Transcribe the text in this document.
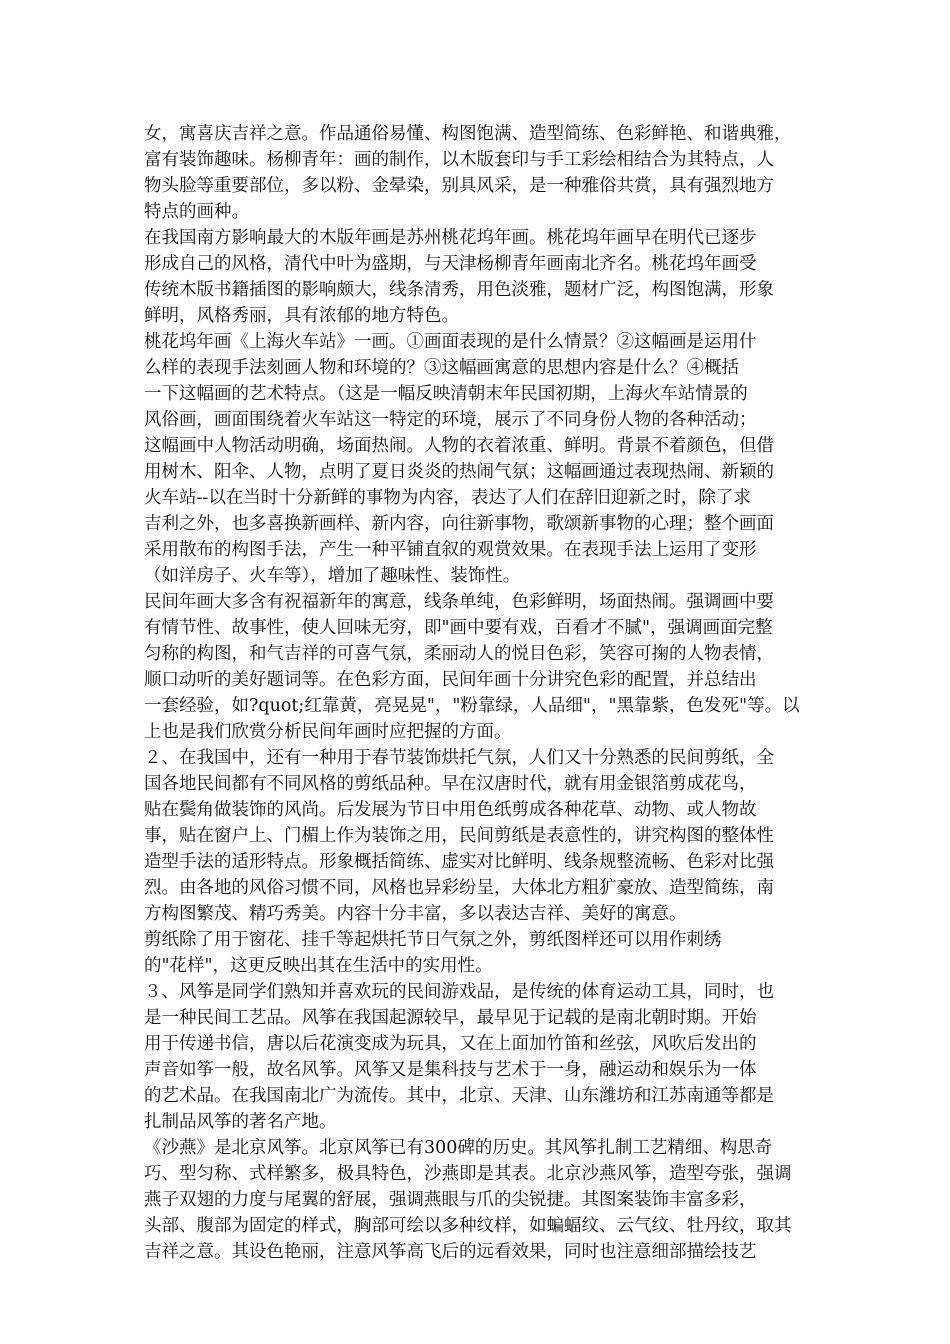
女，寓喜庆吉祥之意。作品通俗易懂、构图饱满、造型简练、色彩鲜艳、和谐典雅，
富有装饰趣味。杨柳青年：画的制作，以木版套印与手工彩绘相结合为其特点，人
物头脸等重要部位，多以粉、金晕染，别具风采，是一种雅俗共赏，具有强烈地方
特点的画种。

在我国南方影响最大的木版年画是苏州桃花坞年画。桃花坞年画早在明代已逐步
形成自己的风格，清代中叶为盛期，与天津杨柳青年画南北齐名。桃花坞年画受
传统木版书籍插图的影响颇大，线条清秀，用色淡雅，题材广泛，构图饱满，形象
鲜明，风格秀丽，具有浓郁的地方特色。

桃花坞年画《上海火车站》一画。①画面表现的是什么情景？②这幅画是运用什
么样的表现手法刻画人物和环境的？③这幅画寓意的思想内容是什么？④概括
一下这幅画的艺术特点。（这是一幅反映清朝末年民国初期，上海火车站情景的
风俗画，画面围绕着火车站这一特定的环境，展示了不同身份人物的各种活动；
这幅画中人物活动明确，场面热闹。人物的衣着浓重、鲜明。背景不着颜色，但借
用树木、阳伞、人物，点明了夏日炎炎的热闹气氛；这幅画通过表现热闹、新颖的
火车站--以在当时十分新鲜的事物为内容，表达了人们在辞旧迎新之时，除了求
吉利之外，也多喜换新画样、新内容，向往新事物，歌颂新事物的心理；整个画面
采用散布的构图手法，产生一种平铺直叙的观赏效果。在表现手法上运用了变形
（如洋房子、火车等），增加了趣味性、装饰性。

民间年画大多含有祝福新年的寓意，线条单纯，色彩鲜明，场面热闹。强调画中要
有情节性、故事性，使人回味无穷，即"画中要有戏，百看才不腻"，强调画面完整
匀称的构图，和气吉祥的可喜气氛，柔丽动人的悦目色彩，笑容可掬的人物表情，
顺口动听的美好题词等。在色彩方面，民间年画十分讲究色彩的配置，并总结出
一套经验，如?quot;红靠黄，亮晃晃"，"粉靠绿，人品细"，"黑靠紫，色发死"等。以
上也是我们欣赏分析民间年画时应把握的方面。

２、在我国中，还有一种用于春节装饰烘托气氛，人们又十分熟悉的民间剪纸，全
国各地民间都有不同风格的剪纸品种。早在汉唐时代，就有用金银箔剪成花鸟，
贴在鬓角做装饰的风尚。后发展为节日中用色纸剪成各种花草、动物、或人物故
事，贴在窗户上、门楣上作为装饰之用，民间剪纸是表意性的，讲究构图的整体性
造型手法的适形特点。形象概括简练、虚实对比鲜明、线条规整流畅、色彩对比强
烈。由各地的风俗习惯不同，风格也异彩纷呈，大体北方粗犷豪放、造型简练，南
方构图繁茂、精巧秀美。内容十分丰富，多以表达吉祥、美好的寓意。

剪纸除了用于窗花、挂千等起烘托节日气氛之外，剪纸图样还可以用作刺绣
的"花样"，这更反映出其在生活中的实用性。

３、风筝是同学们熟知并喜欢玩的民间游戏品，是传统的体育运动工具，同时，也
是一种民间工艺品。风筝在我国起源较早，最早见于记载的是南北朝时期。开始
用于传递书信，唐以后花演变成为玩具，又在上面加竹笛和丝弦，风吹后发出的
声音如筝一般，故名风筝。风筝又是集科技与艺术于一身，融运动和娱乐为一体
的艺术品。在我国南北广为流传。其中，北京、天津、山东潍坊和江苏南通等都是
扎制品风筝的著名产地。

《沙燕》是北京风筝。北京风筝已有300碑的历史。其风筝扎制工艺精细、构思奇
巧、型匀称、式样繁多，极具特色，沙燕即是其表。北京沙燕风筝，造型夸张，强调
燕子双翅的力度与尾翼的舒展，强调燕眼与爪的尖锐捷。其图案装饰丰富多彩，
头部、腹部为固定的样式，胸部可绘以多种纹样，如蝙蝠纹、云气纹、牡丹纹，取其
吉祥之意。其设色艳丽，注意风筝高飞后的远看效果，同时也注意细部描绘技艺
